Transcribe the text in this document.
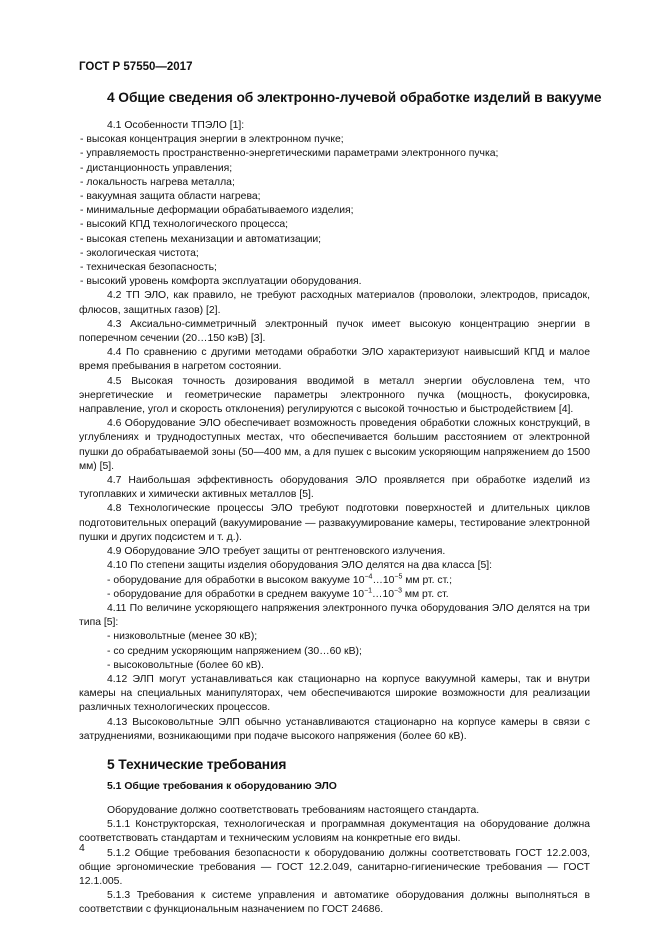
ГОСТ Р 57550—2017
4 Общие сведения об электронно-лучевой обработке изделий в вакууме

4.1 Особенности ТПЭЛО [1]:

- высокая концентрация энергии в электронном пучке;

- управляемость пространственно-энергетическими параметрами электронного пучка;

- дистанционность управления;

- локальность нагрева металла;

- вакуумная защита области нагрева;

- минимальные деформации обрабатываемого изделия;

- высокий КПД технологического процесса;

- высокая степень механизации и автоматизации;

- экологическая чистота;

- техническая безопасность;

- высокий уровень комфорта эксплуатации оборудования.

4.2 ТП ЭЛО, как правило, не требуют расходных материалов (проволоки, электродов, присадок, флюсов, защитных газов) [2].

4.3 Аксиально-симметричный электронный пучок имеет высокую концентрацию энергии в поперечном сечении (20…150 кэВ) [3].

4.4 По сравнению с другими методами обработки ЭЛО характеризуют наивысший КПД и малое время пребывания в нагретом состоянии.

4.5 Высокая точность дозирования вводимой в металл энергии обусловлена тем, что энергетические и геометрические параметры электронного пучка (мощность, фокусировка, направление, угол и скорость отклонения) регулируются с высокой точностью и быстродействием [4].

4.6 Оборудование ЭЛО обеспечивает возможность проведения обработки сложных конструкций, в углублениях и труднодоступных местах, что обеспечивается большим расстоянием от электронной пушки до обрабатываемой зоны (50—400 мм, а для пушек с высоким ускоряющим напряжением до 1500 мм) [5].

4.7 Наибольшая эффективность оборудования ЭЛО проявляется при обработке изделий из тугоплавких и химически активных металлов [5].

4.8 Технологические процессы ЭЛО требуют подготовки поверхностей и длительных циклов подготовительных операций (вакуумирование — развакуумирование камеры, тестирование электронной пушки и других подсистем и т. д.).

4.9 Оборудование ЭЛО требует защиты от рентгеновского излучения.

4.10 По степени защиты изделия оборудования ЭЛО делятся на два класса [5]:

- оборудование для обработки в высоком вакууме $10^{-4}\dots 10^{-5}$ мм рт. ст.;

- оборудование для обработки в среднем вакууме $10^{-1}\dots 10^{-3}$ мм рт. ст.

4.11 По величине ускоряющего напряжения электронного пучка оборудования ЭЛО делятся на три

типа [5]:

- низковольтные (менее 30 кВ);

- со средним ускоряющим напряжением (30…60 кВ);

- высоковольтные (более 60 кВ).

4.12 ЭЛП могут устанавливаться как стационарно на корпусе вакуумной камеры, так и внутри камеры на специальных манипуляторах, чем обеспечиваются широкие возможности для реализации различных технологических процессов.

4.13 Высоковольтные ЭЛП обычно устанавливаются стационарно на корпусе камеры в связи с затруднениями, возникающими при подаче высокого напряжения (более 60 кВ).

5 Технические требования
5.1 Общие требования к оборудованию ЭЛО

Оборудование должно соответствовать требованиям настоящего стандарта.

5.1.1 Конструкторская, технологическая и программная документация на оборудование должна соответствовать стандартам и техническим условиям на конкретные его виды.

5.1.2 Общие требования безопасности к оборудованию должны соответствовать ГОСТ 12.2.003, общие эргономические требования — ГОСТ 12.2.049, санитарно-гигиенические требования — ГОСТ 12.1.005.

5.1.3 Требования к системе управления и автоматике оборудования должны выполняться в соответствии с функциональным назначением по ГОСТ 24686.

4
